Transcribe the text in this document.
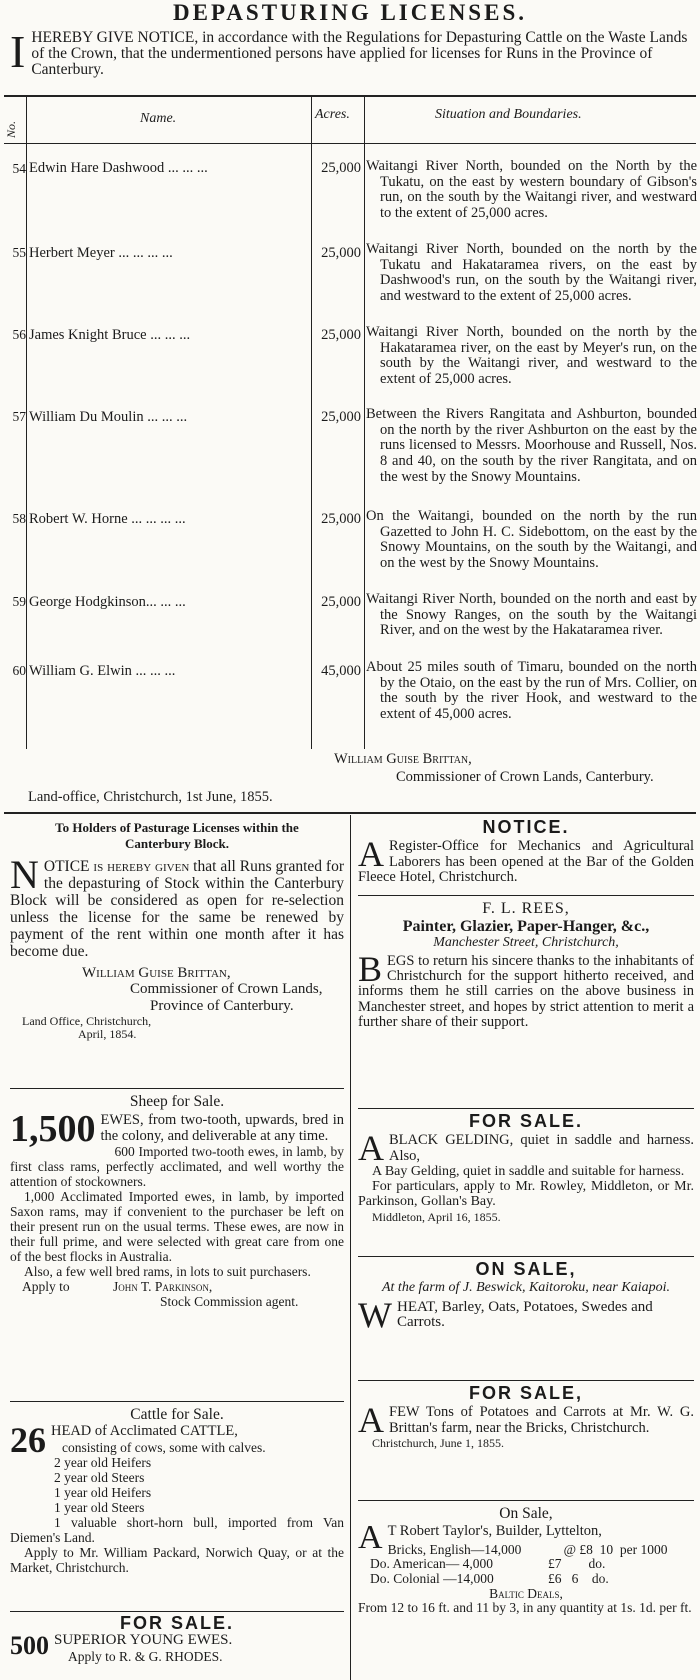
DEPASTURING LICENSES.
I HEREBY GIVE NOTICE, in accordance with the Regulations for Depasturing Cattle on the Waste Lands of the Crown, that the undermentioned persons have applied for licenses for Runs in the Province of Canterbury.
No.
Name.	Acres.	Situation and Boundaries.
54 Edwin Hare Dashwood ... ... ...	25,000 Waitangi River North, bounded on the North by the Tukatu, on the east by western boundary of Gibson's run, on the south by the Waitangi river, and westward to the extent of 25,000 acres.
55 Herbert Meyer ... ... ... ...	25,000 Waitangi River North, bounded on the north by the Tukatu and Hakataramea rivers, on the east by Dashwood's run, on the south by the Waitangi river, and westward to the extent of 25,000 acres.
56 James Knight Bruce ... ... ...	25,000 Waitangi River North, bounded on the north by the Hakataramea river, on the east by Meyer's run, on the south by the Waitangi river, and westward to the extent of 25,000 acres.
57 William Du Moulin ... ... ...	25,000 Between the Rivers Rangitata and Ashburton, bounded on the north by the river Ashburton on the east by the runs licensed to Messrs. Moorhouse and Russell, Nos. 8 and 40, on the south by the river Rangitata, and on the west by the Snowy Mountains.
58 Robert W. Horne ... ... ... ...	25,000 On the Waitangi, bounded on the north by the run Gazetted to John H. C. Sidebottom, on the east by the Snowy Mountains, on the south by the Waitangi, and on the west by the Snowy Mountains.
59 George Hodgkinson... ... ...	25,000 Waitangi River North, bounded on the north and east by the Snowy Ranges, on the south by the Waitangi River, and on the west by the Hakataramea river.
60 William G. Elwin ... ... ...	45,000 About 25 miles south of Timaru, bounded on the north by the Otaio, on the east by the run of Mrs. Collier, on the south by the river Hook, and westward to the extent of 45,000 acres.
William Guise Brittan,
Commissioner of Crown Lands, Canterbury.
Land-office, Christchurch, 1st June, 1855.
To Holders of Pasturage Licenses within the Canterbury Block.
NOTICE is hereby given that all Runs granted for the depasturing of Stock within the Canterbury Block will be considered as open for re-selection unless the license for the same be renewed by payment of the rent within one month after it has become due.
William Guise Brittan,
Commissioner of Crown Lands,
Province of Canterbury.
Land Office, Christchurch,
April, 1854.
Sheep for Sale.
1,500 EWES, from two-tooth, upwards, bred in the colony, and deliverable at any time.
600 Imported two-tooth ewes, in lamb, by first class rams, perfectly acclimated, and well worthy the attention of stockowners.
1,000 Acclimated Imported ewes, in lamb, by imported Saxon rams, may if convenient to the purchaser be left on their present run on the usual terms. These ewes, are now in their full prime, and were selected with great care from one of the best flocks in Australia.
Also, a few well bred rams, in lots to suit purchasers.
Apply to	John T. Parkinson,
Stock Commission agent.
Cattle for Sale.
26 HEAD of Acclimated CATTLE,
consisting of cows, some with calves.
2 year old Heifers
2 year old Steers
1 year old Heifers
1 year old Steers
1 valuable short-horn bull, imported from Van Diemen's Land.
Apply to Mr. William Packard, Norwich Quay, or at the Market, Christchurch.
FOR SALE.
500 SUPERIOR YOUNG EWES.
Apply to R. & G. RHODES.
NOTICE.
A Register-Office for Mechanics and Agricultural Laborers has been opened at the Bar of the Golden Fleece Hotel, Christchurch.
F. L. REES,
Painter, Glazier, Paper-Hanger, &c.,
Manchester Street, Christchurch,
BEGS to return his sincere thanks to the inhabitants of Christchurch for the support hitherto received, and informs them he still carries on the above business in Manchester street, and hopes by strict attention to merit a further share of their support.
FOR SALE.
A BLACK GELDING, quiet in saddle and harness. Also,
A Bay Gelding, quiet in saddle and suitable for harness.
For particulars, apply to Mr. Rowley, Middleton, or Mr. Parkinson, Gollan's Bay.
Middleton, April 16, 1855.
ON SALE,
At the farm of J. Beswick, Kaitoroku, near Kaiapoi.
WHEAT, Barley, Oats, Potatoes, Swedes and Carrots.
FOR SALE,
A FEW Tons of Potatoes and Carrots at Mr. W. G. Brittan's farm, near the Bricks, Christchurch.
Christchurch, June 1, 1855.
On Sale,
A T Robert Taylor's, Builder, Lyttelton,
Bricks, English—14,000	@ £8  10  per 1000
Do. American— 4,000	£7        do.
Do. Colonial —14,000	£6   6    do.
Baltic Deals,
From 12 to 16 ft. and 11 by 3, in any quantity at 1s. 1d. per ft.
